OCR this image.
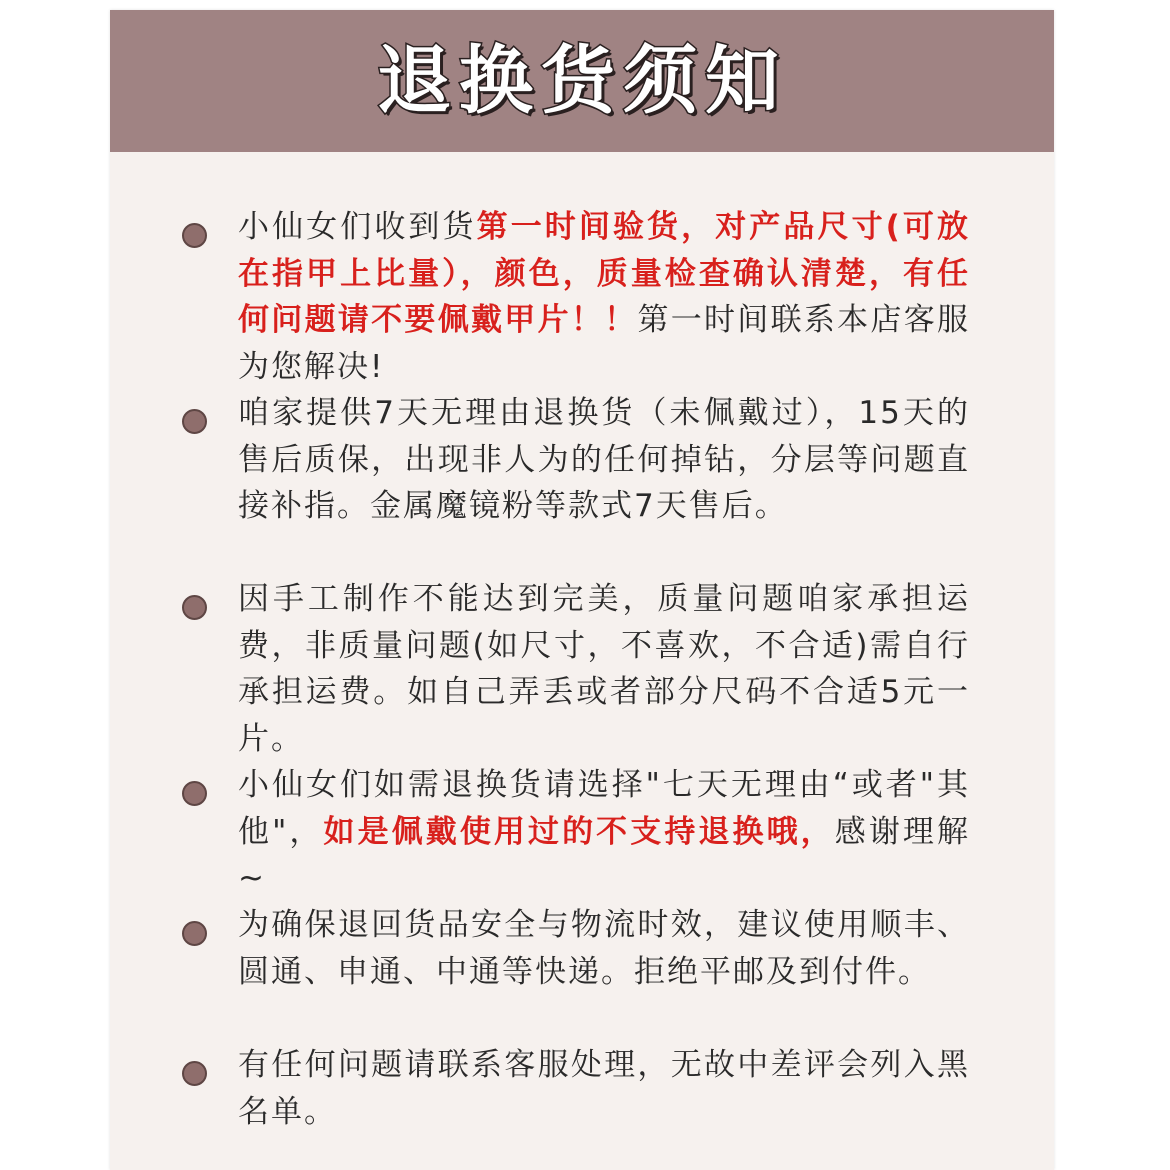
退换货须知
小仙女们收到货第一时间验货，对产品尺寸(可放在指甲上比量），颜色，质量检查确认清楚，有任何问题请不要佩戴甲片！！第一时间联系本店客服为您解决!
咱家提供7天无理由退换货（未佩戴过），15天的售后质保，出现非人为的任何掉钻，分层等问题直接补指。金属魔镜粉等款式7天售后。
因手工制作不能达到完美，质量问题咱家承担运费，非质量问题(如尺寸，不喜欢，不合适)需自行承担运费。如自己弄丢或者部分尺码不合适5元一片。
小仙女们如需退换货请选择"七天无理由“或者"其他"，如是佩戴使用过的不支持退换哦，感谢理解~
为确保退回货品安全与物流时效，建议使用顺丰、圆通、申通、中通等快递。拒绝平邮及到付件。
有任何问题请联系客服处理，无故中差评会列入黑名单。
